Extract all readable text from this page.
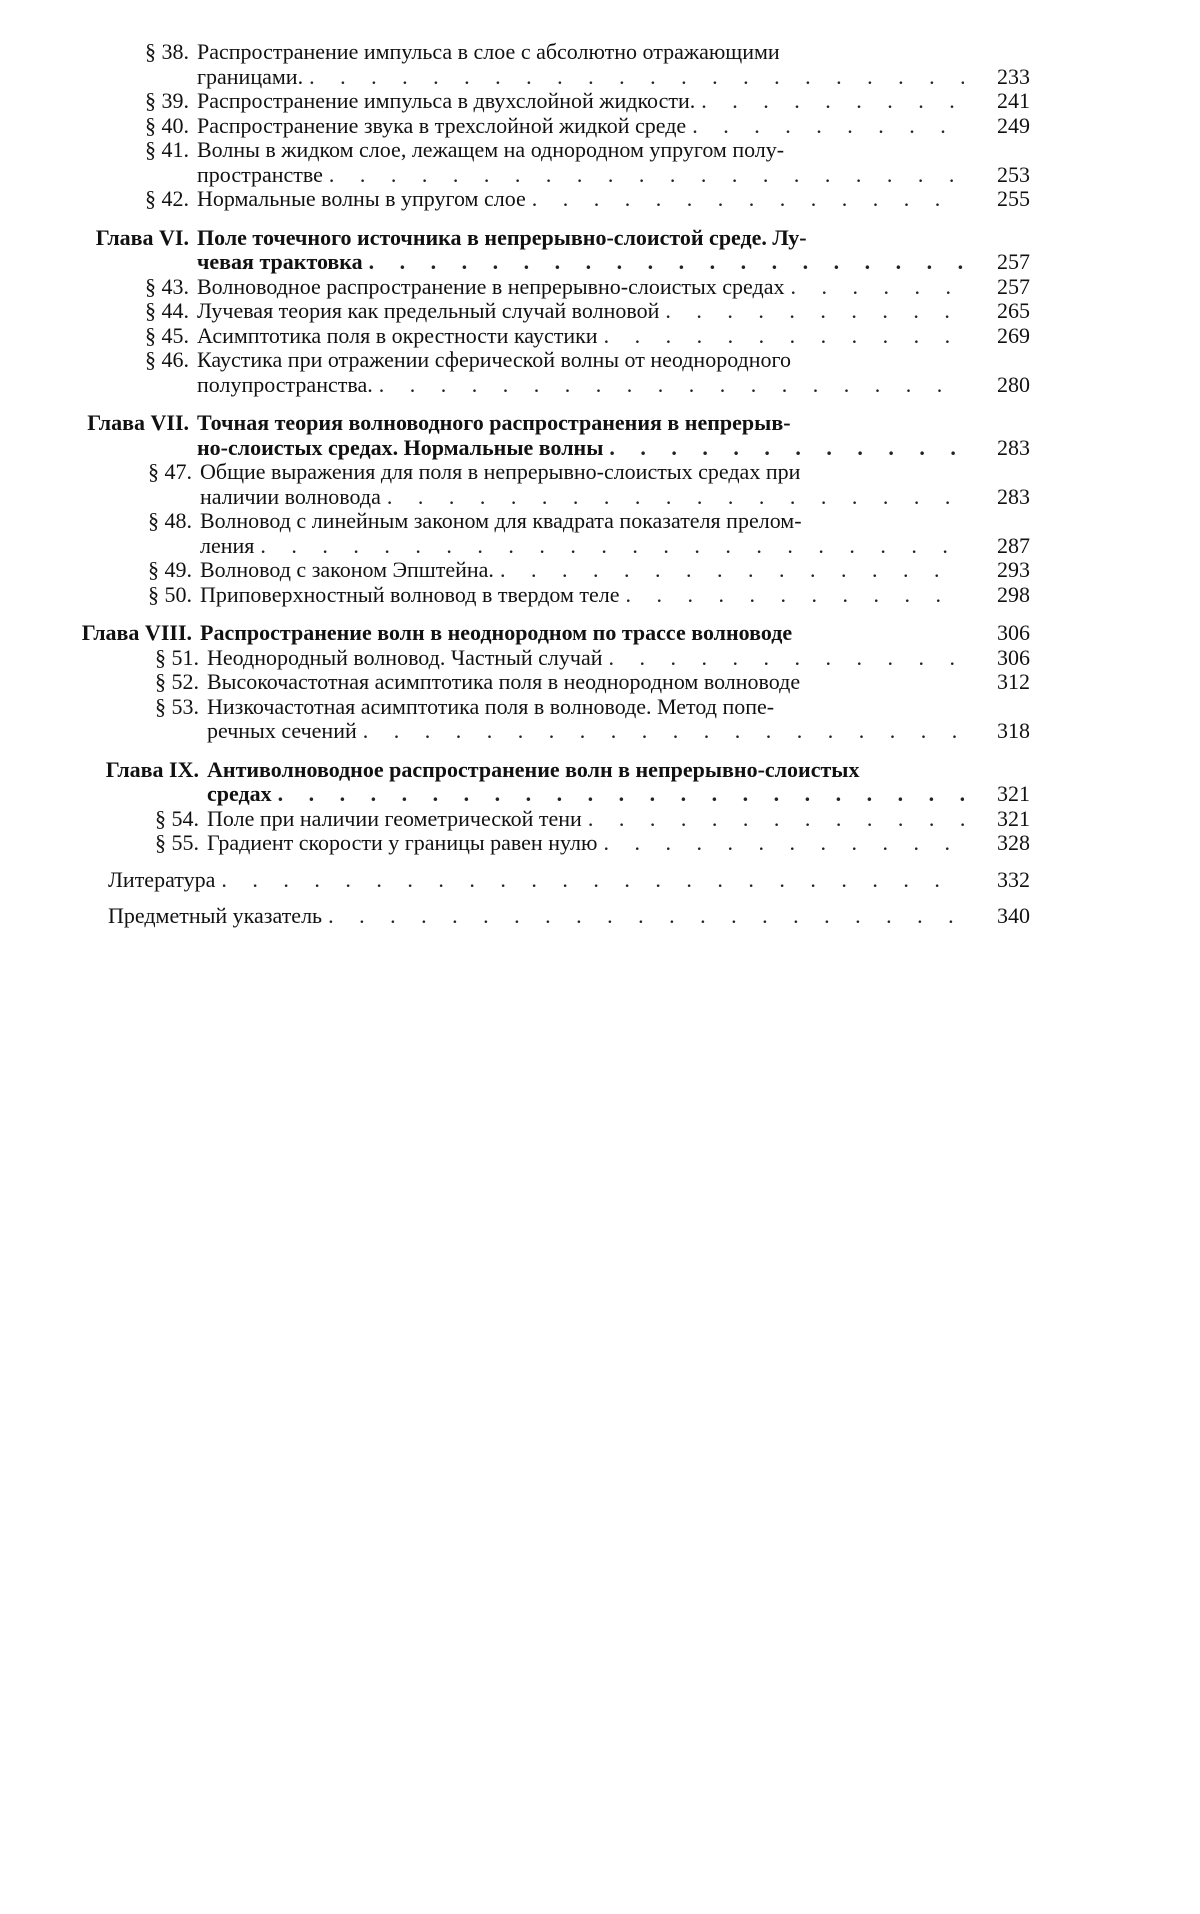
§ 38. Распространение импульса в слое с абсолютно отражающими
границами. . . .	233
§ 39. Распространение импульса в двухслойной жидкости. . . .	241
§ 40. Распространение звука в трехслойной жидкой среде . . .	249
§ 41. Волны в жидком слое, лежащем на однородном упругом полу-
пространстве . . .	253
§ 42. Нормальные волны в упругом слое . . .	255
Глава VI. Поле точечного источника в непрерывно-слоистой среде. Лу-
чевая трактовка . . .	257
§ 43. Волноводное распространение в непрерывно-слоистых средах . . .	257
§ 44. Лучевая теория как предельный случай волновой . . .	265
§ 45. Асимптотика поля в окрестности каустики . . .	269
§ 46. Каустика при отражении сферической волны от неоднородного
полупространства. . . .	280
Глава VII. Точная теория волноводного распространения в непрерыв-
но-слоистых средах. Нормальные волны . . .	283
§ 47. Общие выражения для поля в непрерывно-слоистых средах при
наличии волновода . . .	283
§ 48. Волновод с линейным законом для квадрата показателя прелом-
ления . . .	287
§ 49. Волновод с законом Эпштейна. . . .	293
§ 50. Приповерхностный волновод в твердом теле . . .	298
Глава VIII. Распространение волн в неоднородном по трассе волноводе	306
§ 51. Неоднородный волновод. Частный случай . . .	306
§ 52. Высокочастотная асимптотика поля в неоднородном волноводе	312
§ 53. Низкочастотная асимптотика поля в волноводе. Метод попе-
речных сечений . . .	318
Глава IX. Антиволноводное распространение волн в непрерывно-слоистых
средах . . .	321
§ 54. Поле при наличии геометрической тени . . .	321
§ 55. Градиент скорости у границы равен нулю . . .	328
Литература . . .	332
Предметный указатель . . .	340
